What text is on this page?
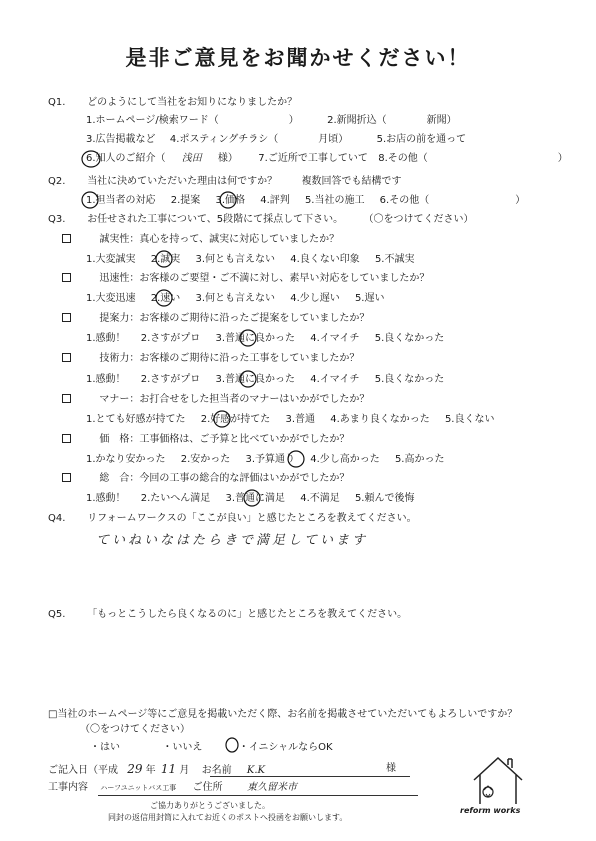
是非ご意見をお聞かせください！
Q1. どのようにして当社をお知りになりましたか？
1.ホームページ/検索ワード（	）	2.新聞折込（	新聞）
3.広告掲載など 4.ポスティングチラシ（	月頃）	5.お店の前を通って
6.知人のご紹介（ 浅田 様） 7.ご近所で工事していて 8.その他（	）
Q2. 当社に決めていただいた理由は何ですか？ 複数回答でも結構です
1.担当者の対応 2.提案 3.価格 4.評判 5.当社の施工 6.その他（	）
Q3. お任せされた工事について、5段階にて採点して下さい。 （〇をつけてください）
誠実性：真心を持って、誠実に対応していましたか？
1.大変誠実 2.誠実 3.何とも言えない 4.良くない印象 5.不誠実
迅速性：お客様のご要望・ご不満に対し、素早い対応をしていましたか？
1.大変迅速 2.速い 3.何とも言えない 4.少し遅い 5.遅い
提案力：お客様のご期待に沿ったご提案をしていましたか？
1.感動！ 2.さすがプロ 3.普通に良かった 4.イマイチ 5.良くなかった
技術力：お客様のご期待に沿った工事をしていましたか？
1.感動！ 2.さすがプロ 3.普通に良かった 4.イマイチ 5.良くなかった
マナー：お打合せをした担当者のマナーはいかがでしたか？
1.とても好感が持てた 2.好感が持てた 3.普通 4.あまり良くなかった 5.良くない
価　格：工事価格は、ご予算と比べていかがでしたか？
1.かなり安かった 2.安かった 3.予算通り 4.少し高かった 5.高かった
総　合：今回の工事の総合的な評価はいかがでしたか？
1.感動！ 2.たいへん満足 3.普通に満足 4.不満足 5.頼んで後悔
Q4. リフォームワークスの「ここが良い」と感じたところを教えてください。
ていねいなはたらきで満足しています
Q5. 「もっとこうしたら良くなるのに」と感じたところを教えてください。
□当社のホームページ等にご意見を掲載いただく際、お名前を掲載させていただいてもよろしいですか？
（〇をつけてください）
・はい	・いいえ	・イニシャルならOK
ご記入日（平成 29 年 11 月 お名前 K.K	様
工事内容 ハーフユニットバス工事 ご住所 東久留米市
ご協力ありがとうございました。
同封の返信用封筒に入れてお近くのポストへ投函をお願いします。
reform works
